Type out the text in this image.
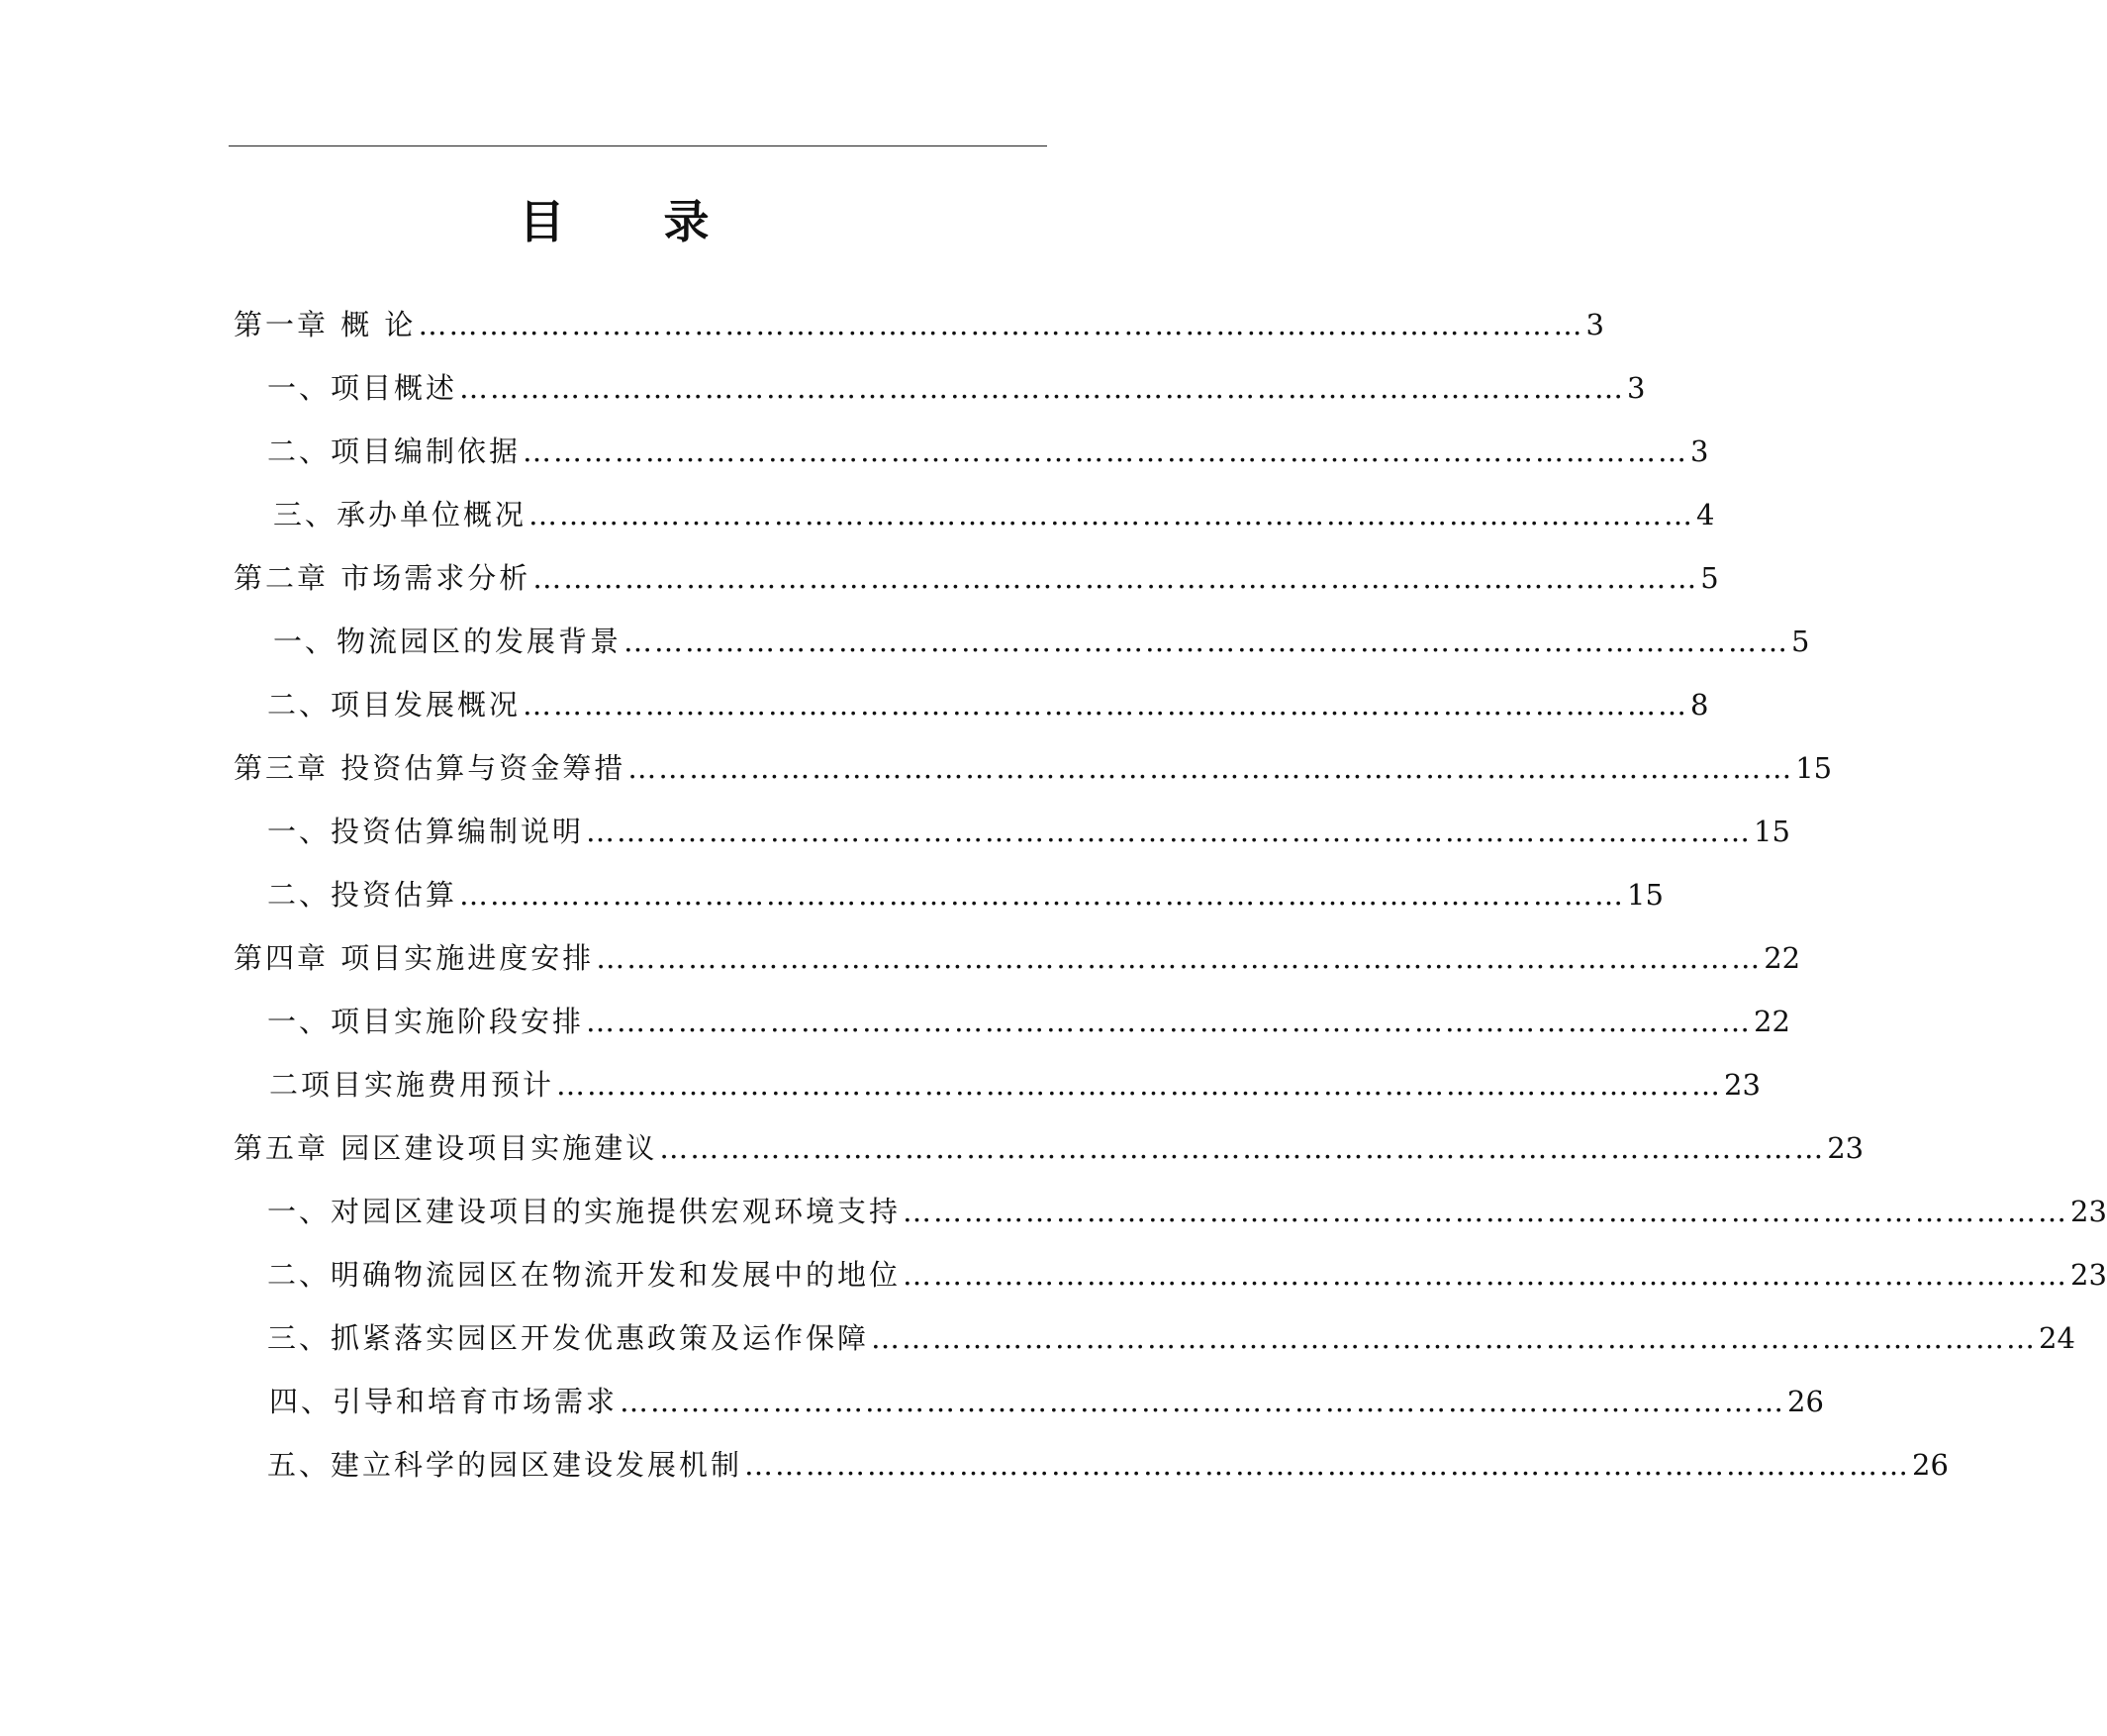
目 录
第一章 概 论 …………………………………………………………………………………………………… 3
一、项目概述 …………………………………………………………………………………………………… 3
二、项目编制依据 …………………………………………………………………………………………………… 3
三、承办单位概况 …………………………………………………………………………………………………… 4
第二章 市场需求分析 …………………………………………………………………………………………………… 5
一、物流园区的发展背景 …………………………………………………………………………………………………… 5
二、项目发展概况 …………………………………………………………………………………………………… 8
第三章 投资估算与资金筹措 …………………………………………………………………………………………………… 15
一、投资估算编制说明 …………………………………………………………………………………………………… 15
二、投资估算 …………………………………………………………………………………………………… 15
第四章 项目实施进度安排 …………………………………………………………………………………………………… 22
一、项目实施阶段安排 …………………………………………………………………………………………………… 22
二项目实施费用预计 …………………………………………………………………………………………………… 23
第五章 园区建设项目实施建议 …………………………………………………………………………………………………… 23
一、对园区建设项目的实施提供宏观环境支持 …………………………………………………………………………………………………… 23
二、明确物流园区在物流开发和发展中的地位 …………………………………………………………………………………………………… 23
三、抓紧落实园区开发优惠政策及运作保障 …………………………………………………………………………………………………… 24
四、引导和培育市场需求 …………………………………………………………………………………………………… 26
五、建立科学的园区建设发展机制 …………………………………………………………………………………………………… 26
